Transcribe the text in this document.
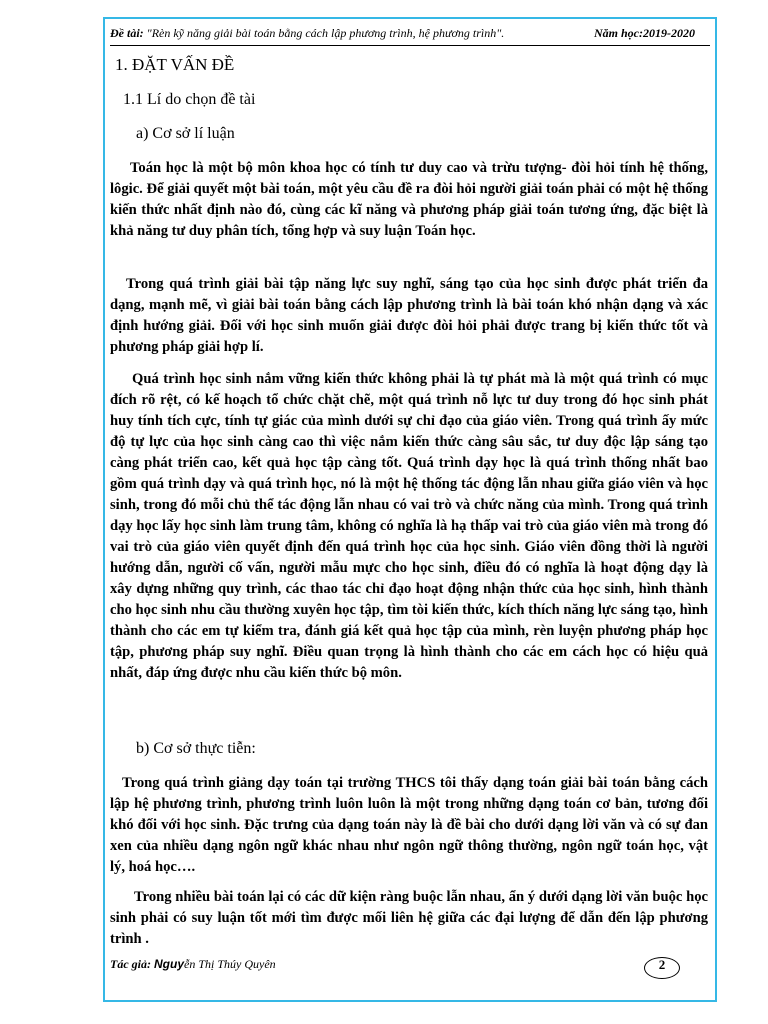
Đề tài: "Rèn kỹ năng giải bài toán bằng cách lập phương trình, hệ phương trình".	Năm học:2019-2020
1. ĐẶT VẤN ĐỀ
1.1 Lí do chọn đề tài
a) Cơ sở lí luận

Toán học là một bộ môn khoa học có tính tư duy cao và trừu tượng- đòi hỏi tính hệ thống, lôgic. Để giải quyết một bài toán, một yêu cầu đề ra đòi hỏi người giải toán phải có một hệ thống kiến thức nhất định nào đó, cùng các kĩ năng và phương pháp giải toán tương ứng, đặc biệt là khả năng tư duy phân tích, tổng hợp và suy luận Toán học.

Trong quá trình giải bài tập năng lực suy nghĩ, sáng tạo của học sinh được phát triển đa dạng, mạnh mẽ, vì giải bài toán bằng cách lập phương trình là bài toán khó nhận dạng và xác định hướng giải. Đối với học sinh muốn giải được đòi hỏi phải được trang bị kiến thức tốt và phương pháp giải hợp lí.

Quá trình học sinh nắm vững kiến thức không phải là tự phát mà là một quá trình có mục đích rõ rệt, có kế hoạch tổ chức chặt chẽ, một quá trình nỗ lực tư duy trong đó học sinh phát huy tính tích cực, tính tự giác của mình dưới sự chỉ đạo của giáo viên. Trong quá trình ấy mức độ tự lực của học sinh càng cao thì việc nắm kiến thức càng sâu sắc, tư duy độc lập sáng tạo càng phát triển cao, kết quả học tập càng tốt. Quá trình dạy học là quá trình thống nhất bao gồm quá trình dạy và quá trình học, nó là một hệ thống tác động lẫn nhau giữa giáo viên và học sinh, trong đó mỗi chủ thể tác động lẫn nhau có vai trò và chức năng của mình. Trong quá trình dạy học lấy học sinh làm trung tâm, không có nghĩa là hạ thấp vai trò của giáo viên mà trong đó vai trò của giáo viên quyết định đến quá trình học của học sinh. Giáo viên đồng thời là người hướng dẫn, người cố vấn, người mẫu mực cho học sinh, điều đó có nghĩa là hoạt động dạy là xây dựng những quy trình, các thao tác chỉ đạo hoạt động nhận thức của học sinh, hình thành cho học sinh nhu cầu thường xuyên học tập, tìm tòi kiến thức, kích thích năng lực sáng tạo, hình thành cho các em tự kiểm tra, đánh giá kết quả học tập của mình, rèn luyện phương pháp học tập, phương pháp suy nghĩ. Điều quan trọng là hình thành cho các em cách học có hiệu quả nhất, đáp ứng được nhu cầu kiến thức bộ môn.

b) Cơ sở thực tiễn:

Trong quá trình giảng dạy toán tại trường THCS tôi thấy dạng toán giải bài toán bằng cách lập hệ phương trình, phương trình luôn luôn là một trong những dạng toán cơ bản, tương đối khó đối với học sinh. Đặc trưng của dạng toán này là đề bài cho dưới dạng lời văn và có sự đan xen của nhiều dạng ngôn ngữ khác nhau như ngôn ngữ thông thường, ngôn ngữ toán học, vật lý, hoá học….

Trong nhiều bài toán lại có các dữ kiện ràng buộc lẫn nhau, ẩn ý dưới dạng lời văn buộc học sinh phải có suy luận tốt mới tìm được mối liên hệ giữa các đại lượng để dẫn đến lập phương trình .

Tác giả: Nguyễn Thị Thúy Quyên	2
